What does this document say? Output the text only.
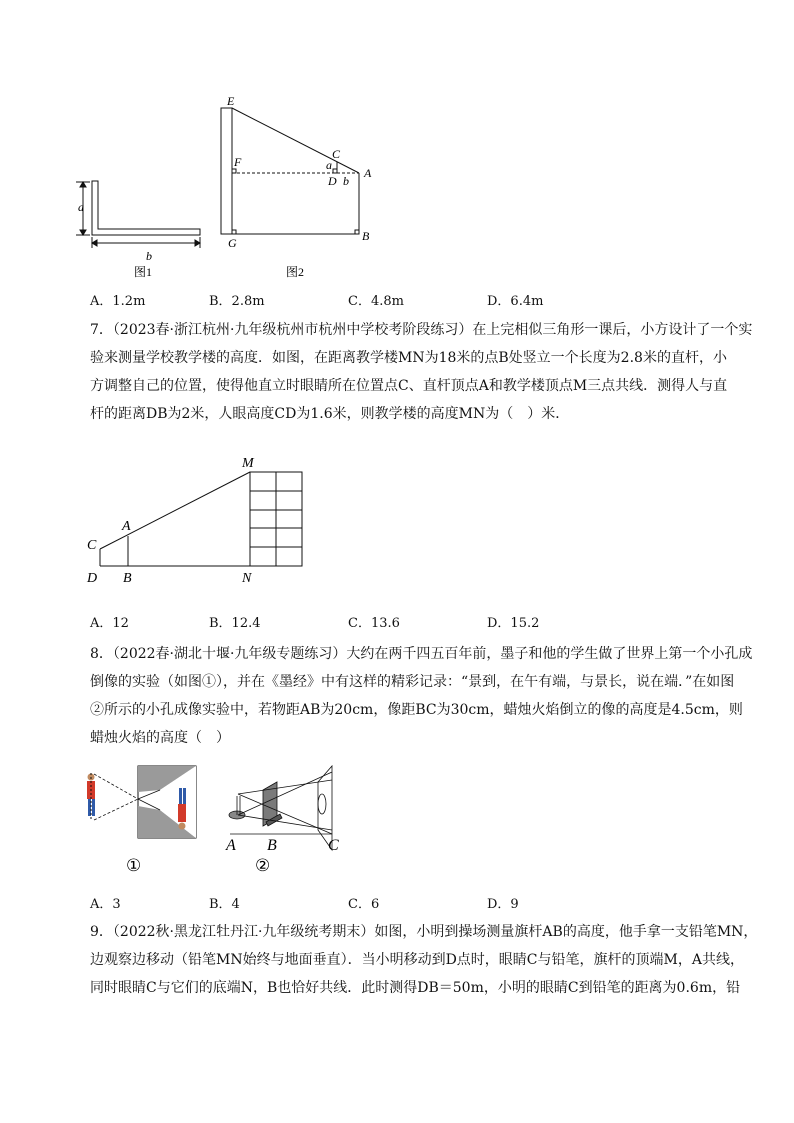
a
b
图1
E
F
G
C
a
D b
A
B
图2
A．1.2m	B．2.8m	C．4.8m	D．6.4m
7．（2023春·浙江杭州·九年级杭州市杭州中学校考阶段练习）在上完相似三角形一课后，小方设计了一个实
验来测量学校教学楼的高度．如图，在距离教学楼MN为18米的点B处竖立一个长度为2.8米的直杆，小
方调整自己的位置，使得他直立时眼睛所在位置点C、直杆顶点A和教学楼顶点M三点共线．测得人与直
杆的距离DB为2米，人眼高度CD为1.6米，则教学楼的高度MN为（　）米．
M
A
C
D B	N
A．12	B．12.4	C．13.6	D．15.2
8．（2022春·湖北十堰·九年级专题练习）大约在两千四五百年前，墨子和他的学生做了世界上第一个小孔成
倒像的实验（如图①），并在《墨经》中有这样的精彩记录：“景到，在午有端，与景长，说在端．”在如图
②所示的小孔成像实验中，若物距AB为20cm，像距BC为30cm，蜡烛火焰倒立的像的高度是4.5cm，则
蜡烛火焰的高度（　）
①
A B	C
②
A．3	B．4	C．6	D．9
9．（2022秋·黑龙江牡丹江·九年级统考期末）如图，小明到操场测量旗杆AB的高度，他手拿一支铅笔MN，
边观察边移动（铅笔MN始终与地面垂直）．当小明移动到D点时，眼睛C与铅笔，旗杆的顶端M，A共线，
同时眼睛C与它们的底端N，B也恰好共线．此时测得DB＝50m，小明的眼睛C到铅笔的距离为0.6m，铅
